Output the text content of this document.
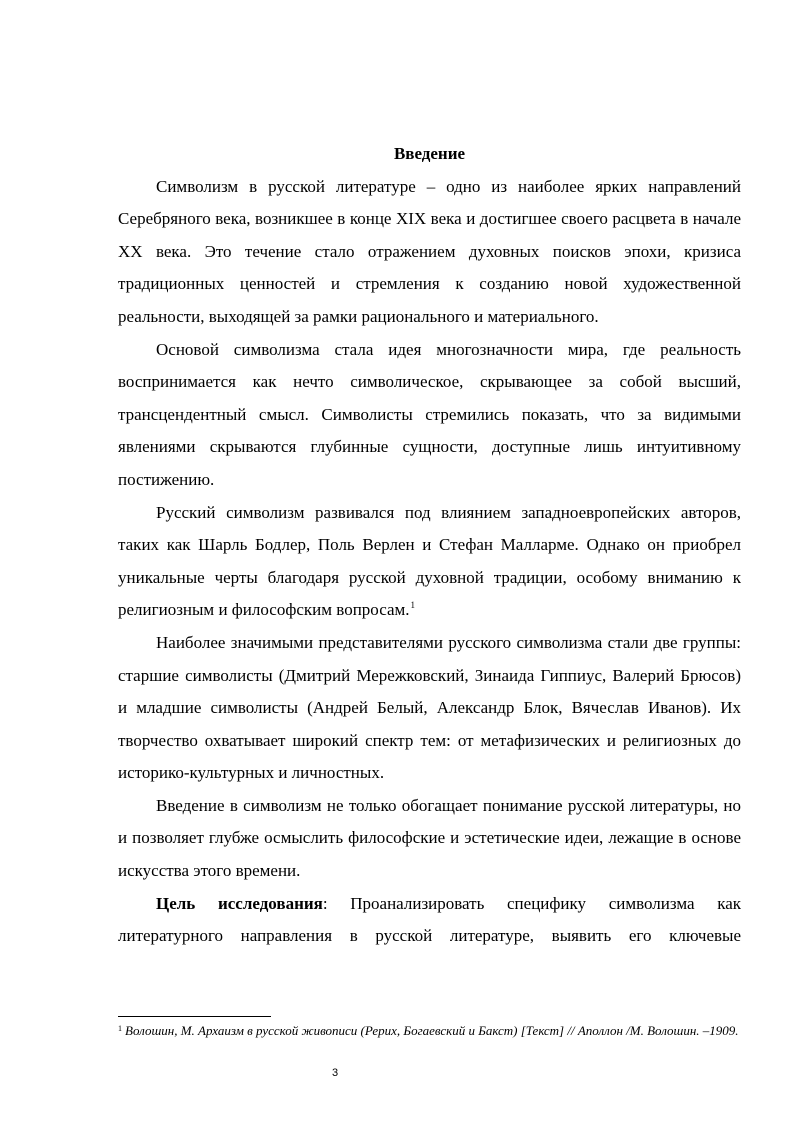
Введение

Символизм в русской литературе – одно из наиболее ярких направлений Серебряного века, возникшее в конце XIX века и достигшее своего расцвета в начале XX века. Это течение стало отражением духовных поисков эпохи, кризиса традиционных ценностей и стремления к созданию новой художественной реальности, выходящей за рамки рационального и материального.

Основой символизма стала идея многозначности мира, где реальность воспринимается как нечто символическое, скрывающее за собой высший, трансцендентный смысл. Символисты стремились показать, что за видимыми явлениями скрываются глубинные сущности, доступные лишь интуитивному постижению.

Русский символизм развивался под влиянием западноевропейских авторов, таких как Шарль Бодлер, Поль Верлен и Стефан Малларме. Однако он приобрел уникальные черты благодаря русской духовной традиции, особому вниманию к религиозным и философским вопросам.$^1$

Наиболее значимыми представителями русского символизма стали две группы: старшие символисты (Дмитрий Мережковский, Зинаида Гиппиус, Валерий Брюсов) и младшие символисты (Андрей Белый, Александр Блок, Вячеслав Иванов). Их творчество охватывает широкий спектр тем: от метафизических и религиозных до историко-культурных и личностных.

Введение в символизм не только обогащает понимание русской литературы, но и позволяет глубже осмыслить философские и эстетические идеи, лежащие в основе искусства этого времени.

Цель исследования: Проанализировать специфику символизма как литературного направления в русской литературе, выявить его ключевые

$^1$ Волошин, М. Архаизм в русской живописи (Рерих, Богаевский и Бакст) [Текст] // Аполлон /М. Волошин. –1909.

3
